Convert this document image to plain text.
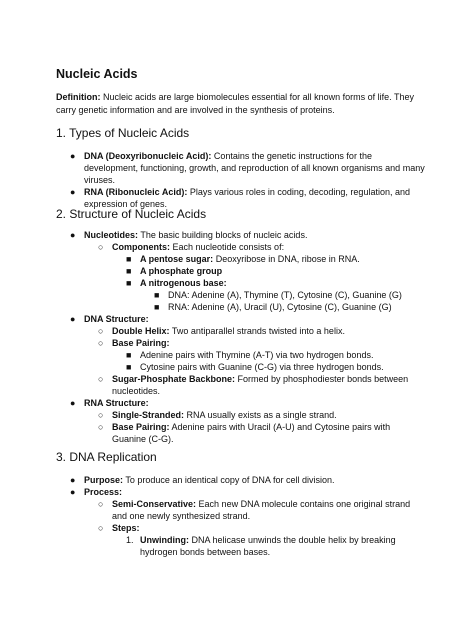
Nucleic Acids

Definition: Nucleic acids are large biomolecules essential for all known forms of life. They carry genetic information and are involved in the synthesis of proteins.

1. Types of Nucleic Acids
● DNA (Deoxyribonucleic Acid): Contains the genetic instructions for the development, functioning, growth, and reproduction of all known organisms and many viruses.
● RNA (Ribonucleic Acid): Plays various roles in coding, decoding, regulation, and expression of genes.
2. Structure of Nucleic Acids
● Nucleotides: The basic building blocks of nucleic acids.
○ Components: Each nucleotide consists of:
■ A pentose sugar: Deoxyribose in DNA, ribose in RNA.
■ A phosphate group
■ A nitrogenous base:
■ DNA: Adenine (A), Thymine (T), Cytosine (C), Guanine (G)
■ RNA: Adenine (A), Uracil (U), Cytosine (C), Guanine (G)
● DNA Structure:
○ Double Helix: Two antiparallel strands twisted into a helix.
○ Base Pairing:
■ Adenine pairs with Thymine (A-T) via two hydrogen bonds.
■ Cytosine pairs with Guanine (C-G) via three hydrogen bonds.
○ Sugar-Phosphate Backbone: Formed by phosphodiester bonds between nucleotides.
● RNA Structure:
○ Single-Stranded: RNA usually exists as a single strand.
○ Base Pairing: Adenine pairs with Uracil (A-U) and Cytosine pairs with Guanine (C-G).
3. DNA Replication
● Purpose: To produce an identical copy of DNA for cell division.
● Process:
○ Semi-Conservative: Each new DNA molecule contains one original strand and one newly synthesized strand.
○ Steps:
1. Unwinding: DNA helicase unwinds the double helix by breaking hydrogen bonds between bases.
